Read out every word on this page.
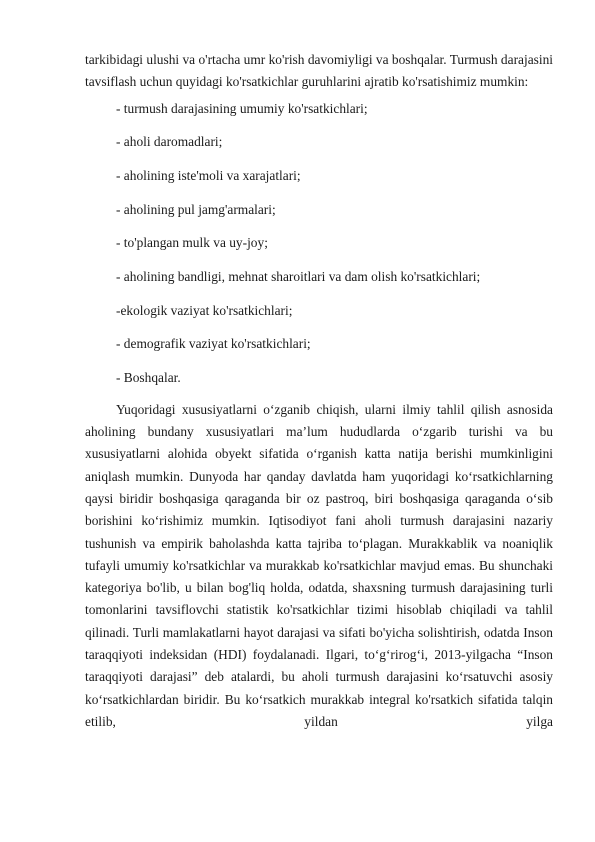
tarkibidagi ulushi va o'rtacha umr ko'rish davomiyligi va boshqalar. Turmush darajasini tavsiflash uchun quyidagi ko'rsatkichlar guruhlarini ajratib ko'rsatishimiz mumkin:

- turmush darajasining umumiy ko'rsatkichlari;

- aholi daromadlari;

- aholining iste'moli va xarajatlari;

- aholining pul jamg'armalari;

- to'plangan mulk va uy-joy;

- aholining bandligi, mehnat sharoitlari va dam olish ko'rsatkichlari;

-ekologik vaziyat ko'rsatkichlari;

- demografik vaziyat ko'rsatkichlari;

- Boshqalar.

Yuqoridagi xususiyatlarni oʻzganib chiqish, ularni ilmiy tahlil qilish asnosida aholining bundany xususiyatlari ma’lum hududlarda oʻzgarib turishi va bu xususiyatlarni alohida obyekt sifatida oʻrganish katta natija berishi mumkinligini aniqlash mumkin. Dunyoda har qanday davlatda ham yuqoridagi koʻrsatkichlarning qaysi biridir boshqasiga qaraganda bir oz pastroq, biri boshqasiga qaraganda oʻsib borishini koʻrishimiz mumkin. Iqtisodiyot fani aholi turmush darajasini nazariy tushunish va empirik baholashda katta tajriba to‘plagan. Murakkablik va noaniqlik tufayli umumiy ko'rsatkichlar va murakkab ko'rsatkichlar mavjud emas. Bu shunchaki kategoriya bo'lib, u bilan bog'liq holda, odatda, shaxsning turmush darajasining turli tomonlarini tavsiflovchi statistik ko'rsatkichlar tizimi hisoblab chiqiladi va tahlil qilinadi. Turli mamlakatlarni hayot darajasi va sifati bo'yicha solishtirish, odatda Inson taraqqiyoti indeksidan (HDI) foydalanadi. Ilgari, toʻgʻrirogʻi, 2013-yilgacha “Inson taraqqiyoti darajasi” deb atalardi, bu aholi turmush darajasini koʻrsatuvchi asosiy koʻrsatkichlardan biridir. Bu koʻrsatkich murakkab integral ko'rsatkich sifatida talqin etilib, yildan yilga
